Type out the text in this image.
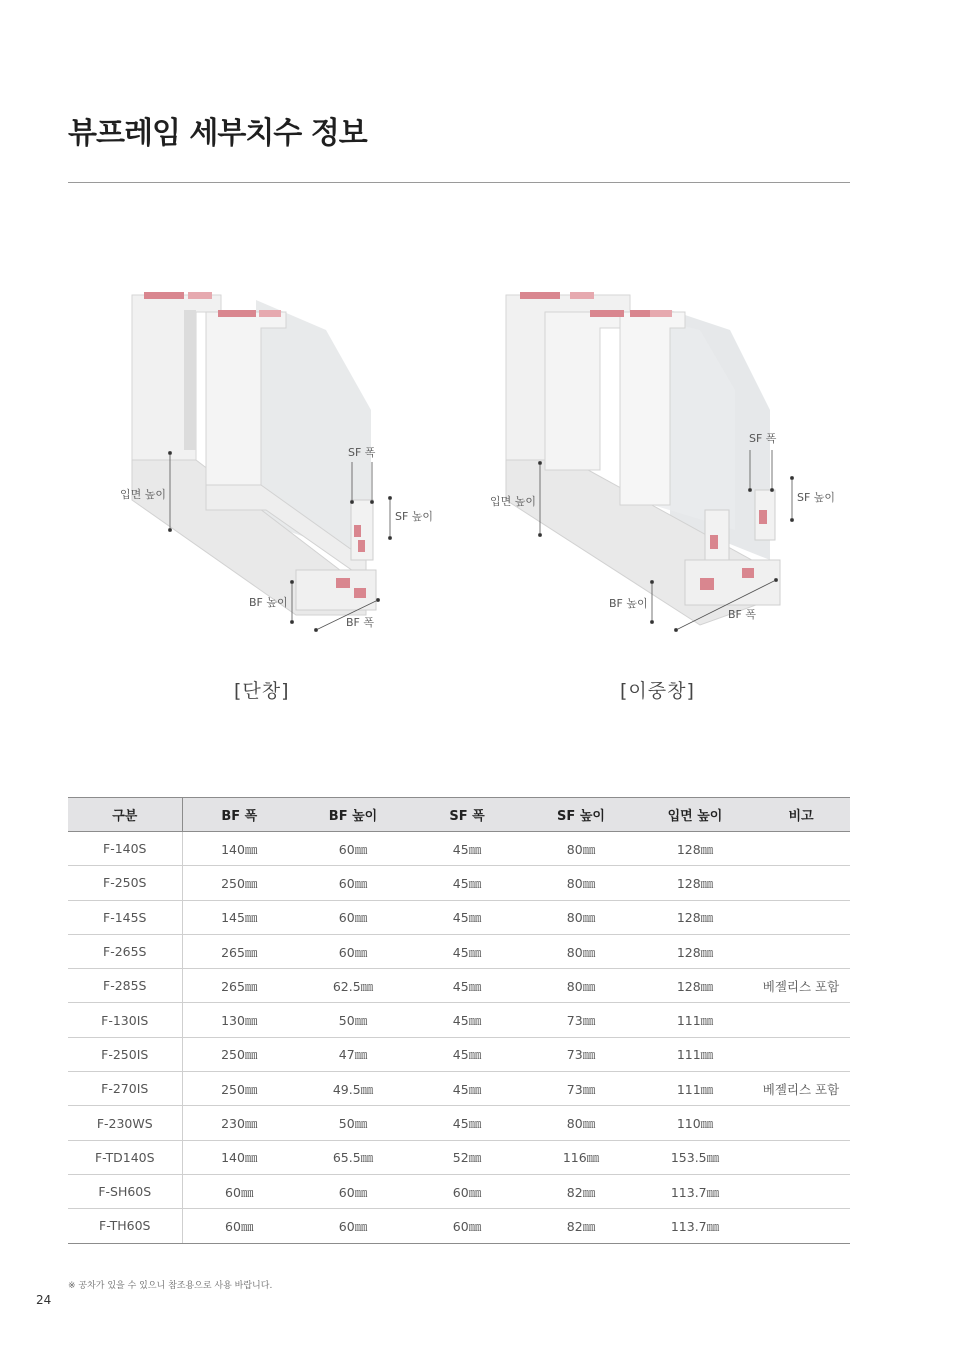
뷰프레임 세부치수 정보
입면 높이
SF 폭
SF 높이
BF 높이
BF 폭
[단창]
입면 높이
SF 폭
SF 높이
BF 높이
BF 폭
[이중창]
구분	BF 폭	BF 높이	SF 폭	SF 높이	입면 높이	비고
F-140S	140㎜	60㎜	45㎜	80㎜	128㎜	
F-250S	250㎜	60㎜	45㎜	80㎜	128㎜	
F-145S	145㎜	60㎜	45㎜	80㎜	128㎜	
F-265S	265㎜	60㎜	45㎜	80㎜	128㎜	
F-285S	265㎜	62.5㎜	45㎜	80㎜	128㎜	베젤리스 포함
F-130IS	130㎜	50㎜	45㎜	73㎜	111㎜	
F-250IS	250㎜	47㎜	45㎜	73㎜	111㎜	
F-270IS	250㎜	49.5㎜	45㎜	73㎜	111㎜	베젤리스 포함
F-230WS	230㎜	50㎜	45㎜	80㎜	110㎜	
F-TD140S	140㎜	65.5㎜	52㎜	116㎜	153.5㎜	
F-SH60S	60㎜	60㎜	60㎜	82㎜	113.7㎜	
F-TH60S	60㎜	60㎜	60㎜	82㎜	113.7㎜	
※ 공차가 있을 수 있으니 참조용으로 사용 바랍니다.
24
